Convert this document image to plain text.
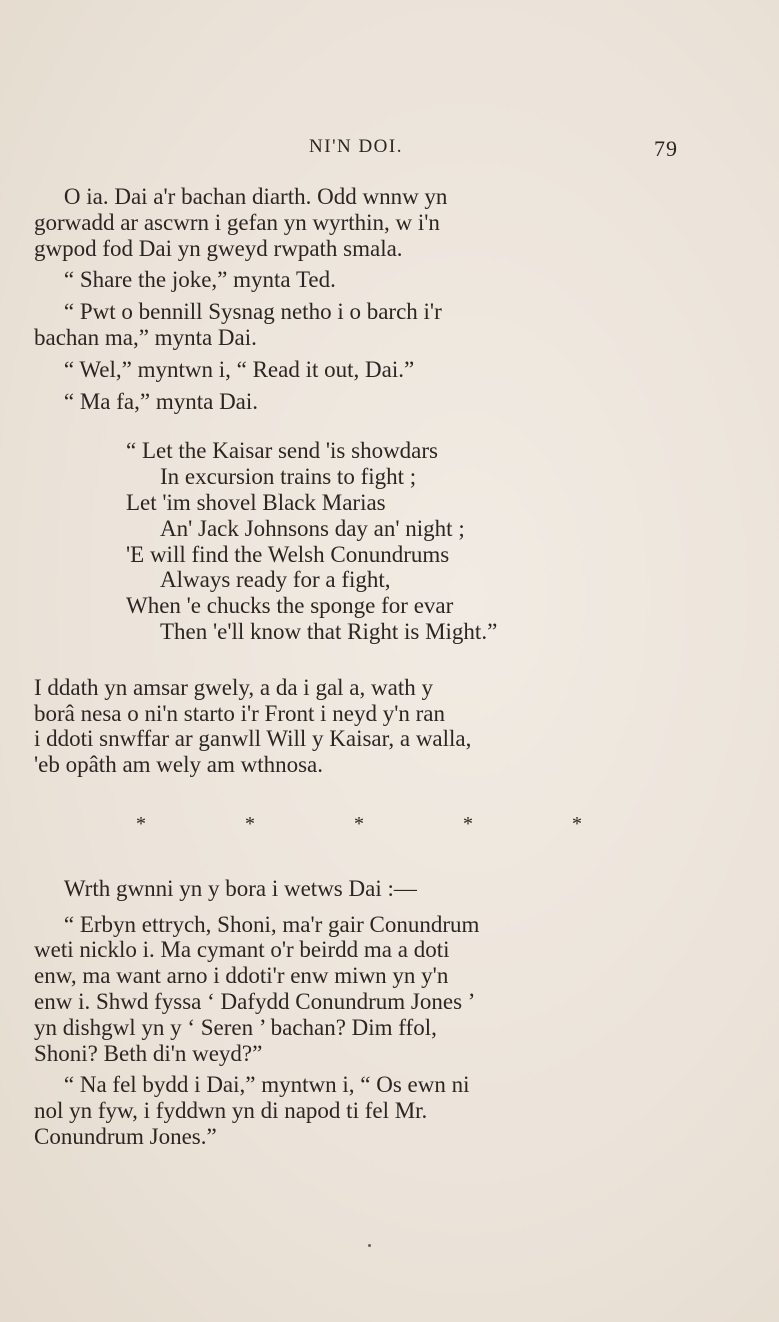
NI'N DOI.	79

O ia. Dai a'r bachan diarth. Odd wnnw yn
gorwadd ar ascwrn i gefan yn wyrthin, w i'n
gwpod fod Dai yn gweyd rwpath smala.

“ Share the joke,” mynta Ted.

“ Pwt o bennill Sysnag netho i o barch i'r
bachan ma,” mynta Dai.

“ Wel,” myntwn i, “ Read it out, Dai.”

“ Ma fa,” mynta Dai.

“ Let the Kaisar send 'is showdars
In excursion trains to fight ;
Let 'im shovel Black Marias
An' Jack Johnsons day an' night ;
'E will find the Welsh Conundrums
Always ready for a fight,
When 'e chucks the sponge for evar
Then 'e'll know that Right is Might.”

I ddath yn amsar gwely, a da i gal a, wath y
borâ nesa o ni'n starto i'r Front i neyd y'n ran
i ddoti snwffar ar ganwll Will y Kaisar, a walla,
'eb opâth am wely am wthnosa.

*	*	*	*	*

Wrth gwnni yn y bora i wetws Dai :—

“ Erbyn ettrych, Shoni, ma'r gair Conundrum
weti nicklo i. Ma cymant o'r beirdd ma a doti
enw, ma want arno i ddoti'r enw miwn yn y'n
enw i. Shwd fyssa ‘ Dafydd Conundrum Jones ’
yn dishgwl yn y ‘ Seren ’ bachan? Dim ffol,
Shoni? Beth di'n weyd?”

“ Na fel bydd i Dai,” myntwn i, “ Os ewn ni
nol yn fyw, i fyddwn yn di napod ti fel Mr.
Conundrum Jones.”
